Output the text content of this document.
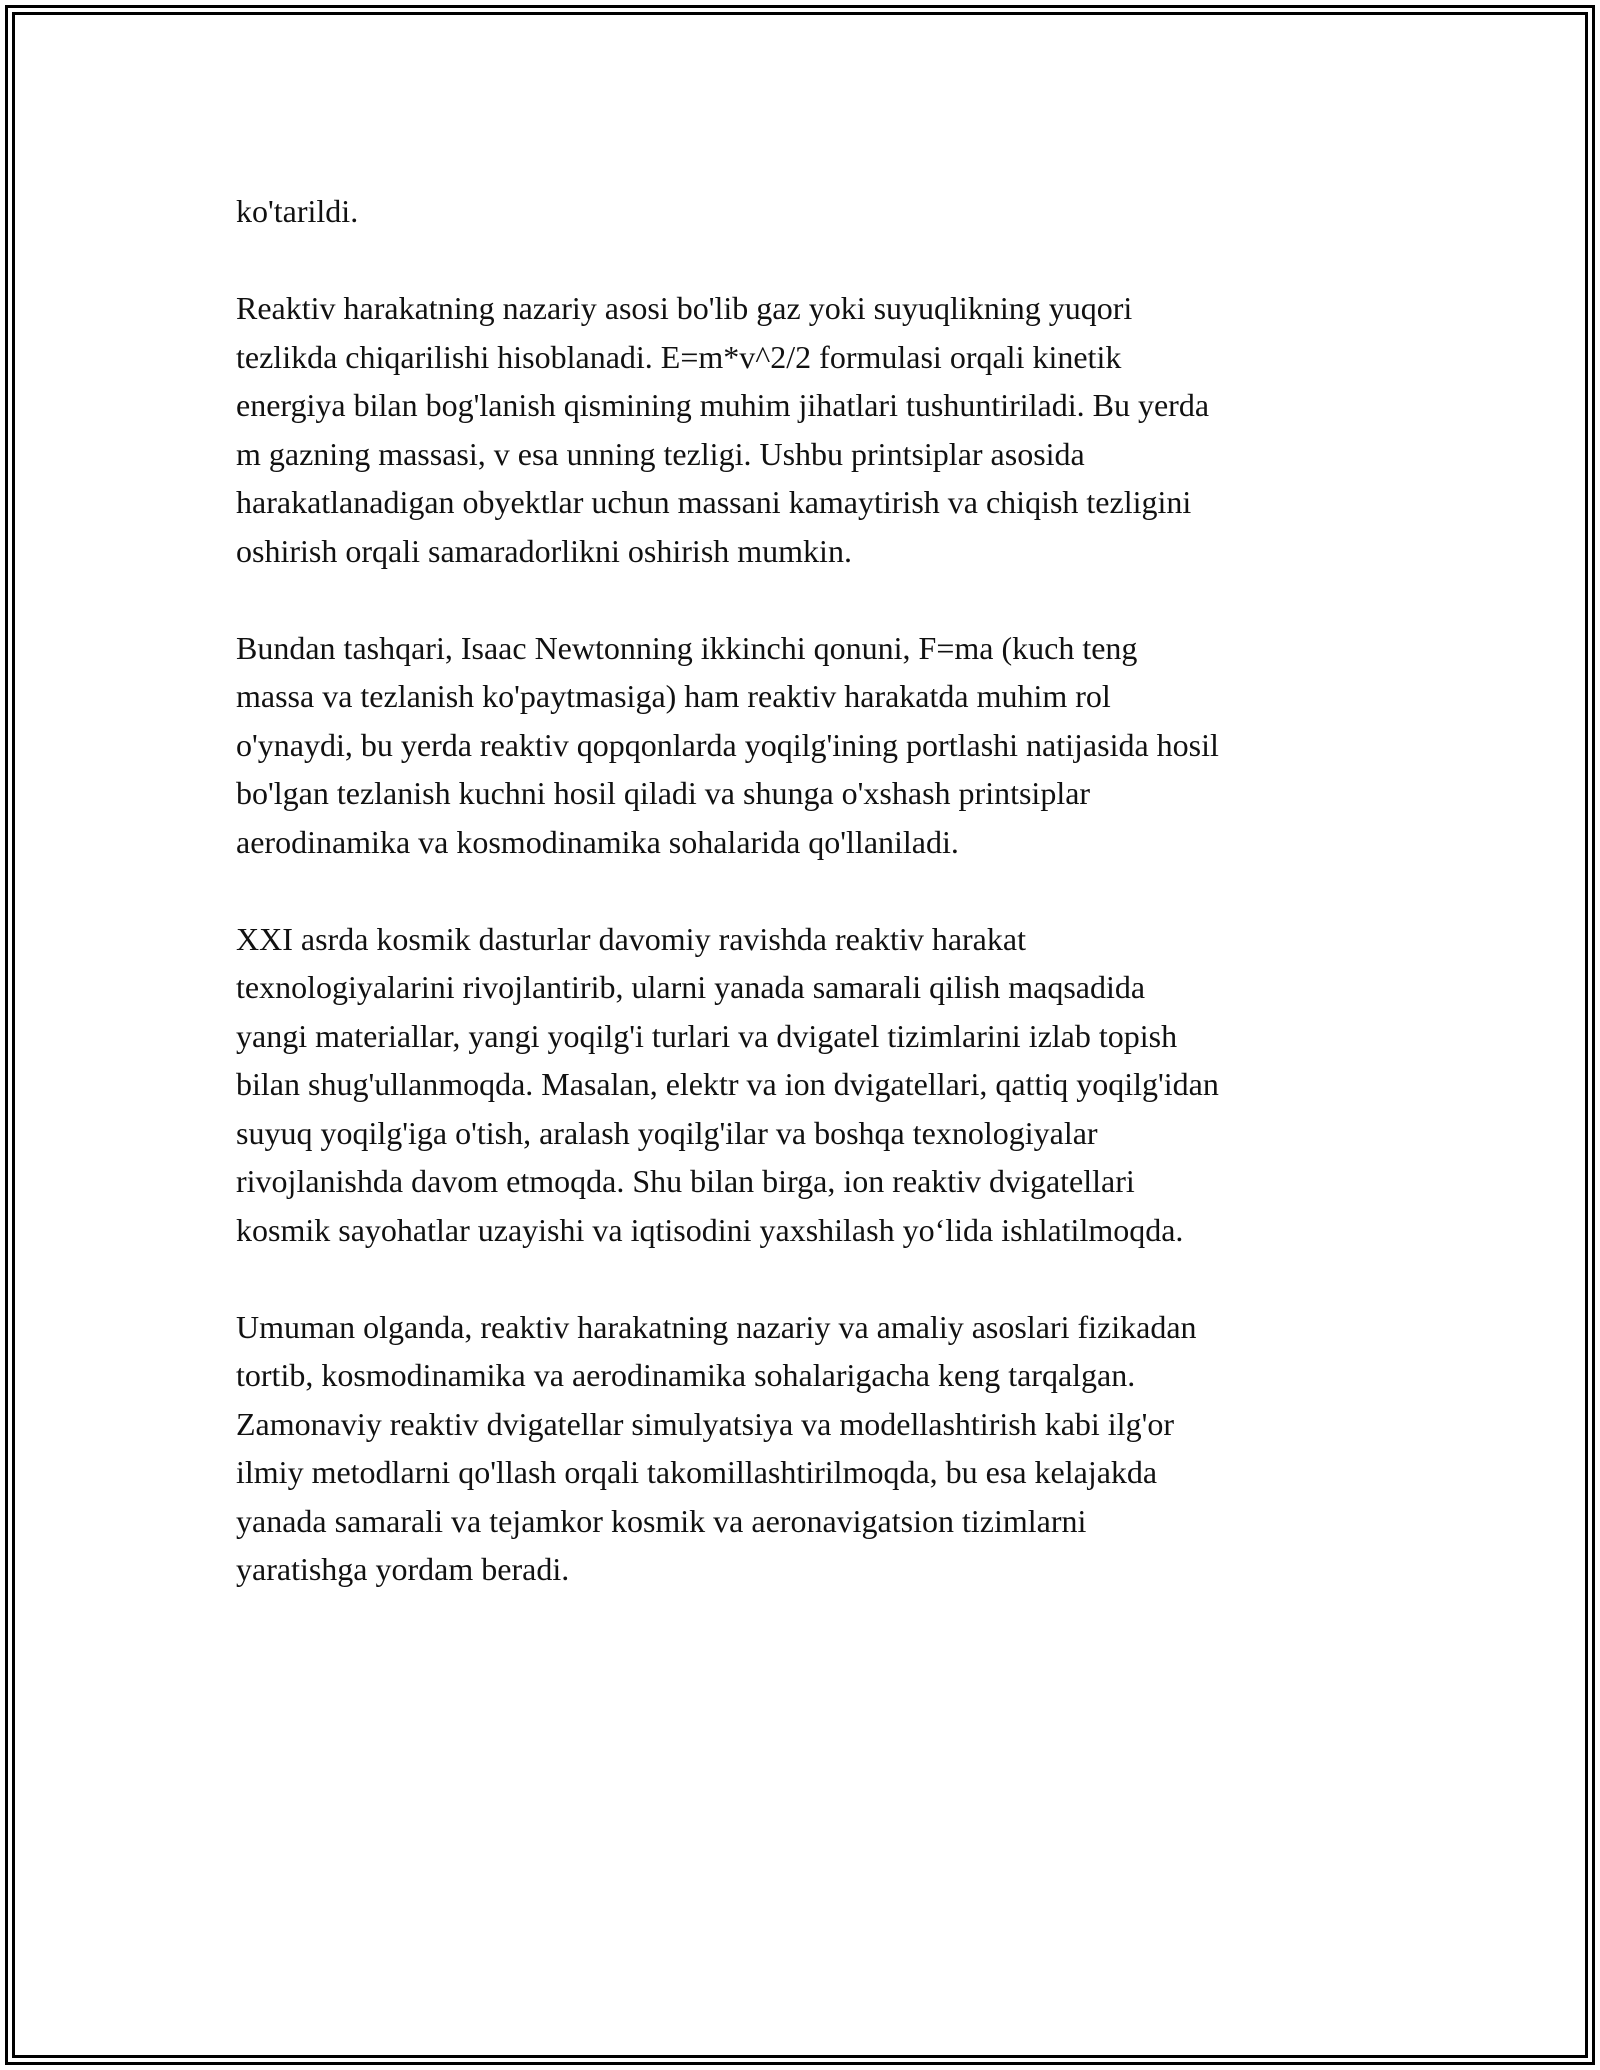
ko'tarildi.

Reaktiv harakatning nazariy asosi bo'lib gaz yoki suyuqlikning yuqori
tezlikda chiqarilishi hisoblanadi. E=m*v^2/2 formulasi orqali kinetik
energiya bilan bog'lanish qismining muhim jihatlari tushuntiriladi. Bu yerda
m gazning massasi, v esa unning tezligi. Ushbu printsiplar asosida
harakatlanadigan obyektlar uchun massani kamaytirish va chiqish tezligini
oshirish orqali samaradorlikni oshirish mumkin.

Bundan tashqari, Isaac Newtonning ikkinchi qonuni, F=ma (kuch teng
massa va tezlanish ko'paytmasiga) ham reaktiv harakatda muhim rol
o'ynaydi, bu yerda reaktiv qopqonlarda yoqilg'ining portlashi natijasida hosil
bo'lgan tezlanish kuchni hosil qiladi va shunga o'xshash printsiplar
aerodinamika va kosmodinamika sohalarida qo'llaniladi.

XXI asrda kosmik dasturlar davomiy ravishda reaktiv harakat
texnologiyalarini rivojlantirib, ularni yanada samarali qilish maqsadida
yangi materiallar, yangi yoqilg'i turlari va dvigatel tizimlarini izlab topish
bilan shug'ullanmoqda. Masalan, elektr va ion dvigatellari, qattiq yoqilg'idan
suyuq yoqilg'iga o'tish, aralash yoqilg'ilar va boshqa texnologiyalar
rivojlanishda davom etmoqda. Shu bilan birga, ion reaktiv dvigatellari
kosmik sayohatlar uzayishi va iqtisodini yaxshilash yo‘lida ishlatilmoqda.

Umuman olganda, reaktiv harakatning nazariy va amaliy asoslari fizikadan
tortib, kosmodinamika va aerodinamika sohalarigacha keng tarqalgan.
Zamonaviy reaktiv dvigatellar simulyatsiya va modellashtirish kabi ilg'or
ilmiy metodlarni qo'llash orqali takomillashtirilmoqda, bu esa kelajakda
yanada samarali va tejamkor kosmik va aeronavigatsion tizimlarni
yaratishga yordam beradi.
